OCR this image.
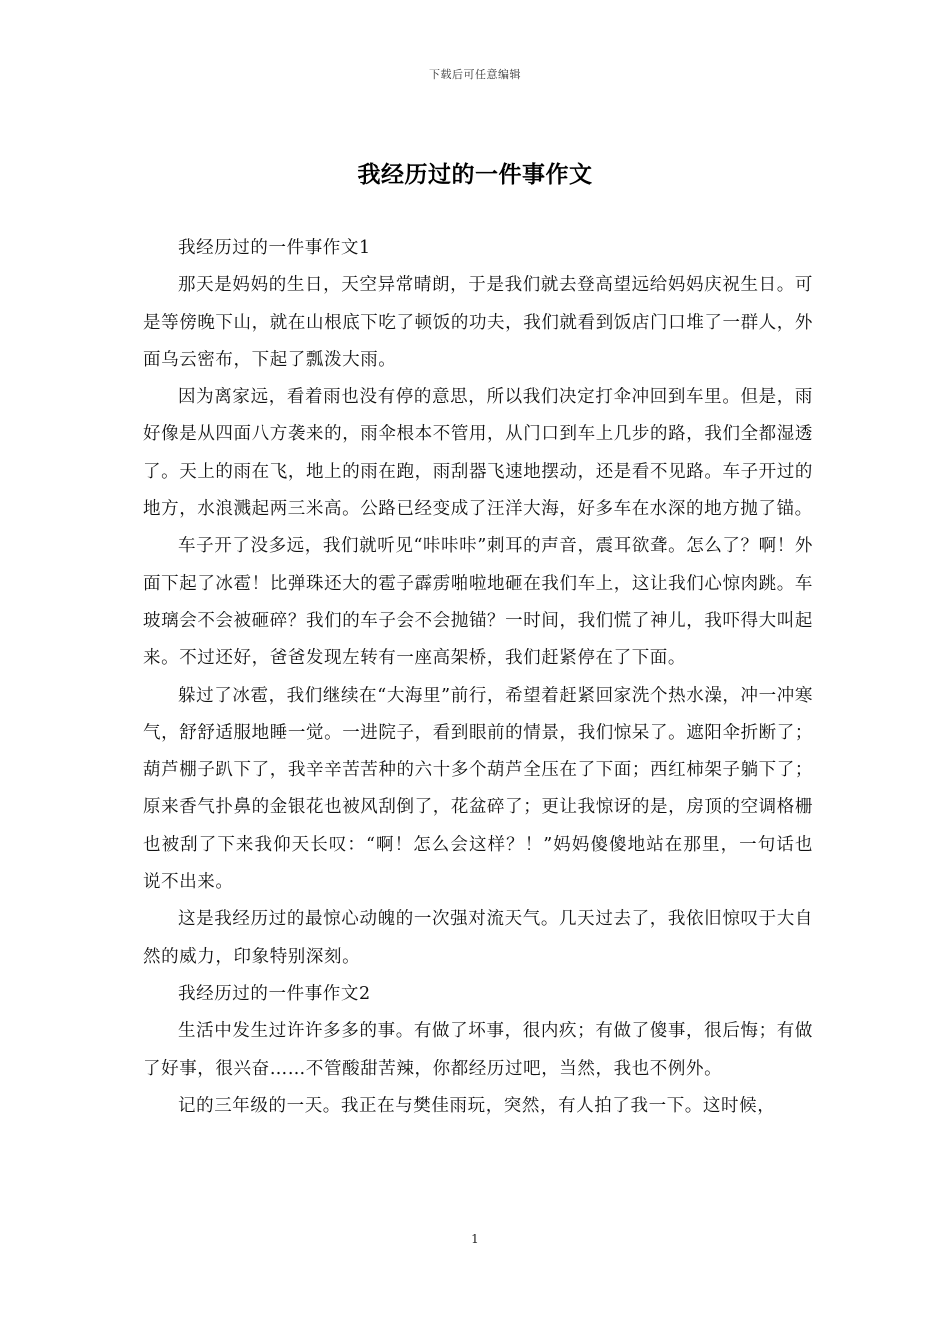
下载后可任意编辑
我经历过的一件事作文

我经历过的一件事作文1

那天是妈妈的生日，天空异常晴朗，于是我们就去登高望远给妈妈庆祝生日。可是等傍晚下山，就在山根底下吃了顿饭的功夫，我们就看到饭店门口堆了一群人，外面乌云密布，下起了瓢泼大雨。

因为离家远，看着雨也没有停的意思，所以我们决定打伞冲回到车里。但是，雨好像是从四面八方袭来的，雨伞根本不管用，从门口到车上几步的路，我们全都湿透了。天上的雨在飞，地上的雨在跑，雨刮器飞速地摆动，还是看不见路。车子开过的地方，水浪溅起两三米高。公路已经变成了汪洋大海，好多车在水深的地方抛了锚。

车子开了没多远，我们就听见“咔咔咔”刺耳的声音，震耳欲聋。怎么了？啊！外面下起了冰雹！比弹珠还大的雹子霹雳啪啦地砸在我们车上，这让我们心惊肉跳。车玻璃会不会被砸碎？我们的车子会不会抛锚？一时间，我们慌了神儿，我吓得大叫起来。不过还好，爸爸发现左转有一座高架桥，我们赶紧停在了下面。

躲过了冰雹，我们继续在“大海里”前行，希望着赶紧回家洗个热水澡，冲一冲寒气，舒舒适服地睡一觉。一进院子，看到眼前的情景，我们惊呆了。遮阳伞折断了；葫芦棚子趴下了，我辛辛苦苦种的六十多个葫芦全压在了下面；西红柿架子躺下了；原来香气扑鼻的金银花也被风刮倒了，花盆碎了；更让我惊讶的是，房顶的空调格栅也被刮了下来我仰天长叹：“啊！怎么会这样？！”妈妈傻傻地站在那里，一句话也说不出来。

这是我经历过的最惊心动魄的一次强对流天气。几天过去了，我依旧惊叹于大自然的威力，印象特别深刻。

我经历过的一件事作文2

生活中发生过许许多多的事。有做了坏事，很内疚；有做了傻事，很后悔；有做了好事，很兴奋……不管酸甜苦辣，你都经历过吧，当然，我也不例外。

记的三年级的一天。我正在与樊佳雨玩，突然，有人拍了我一下。这时候，

1
